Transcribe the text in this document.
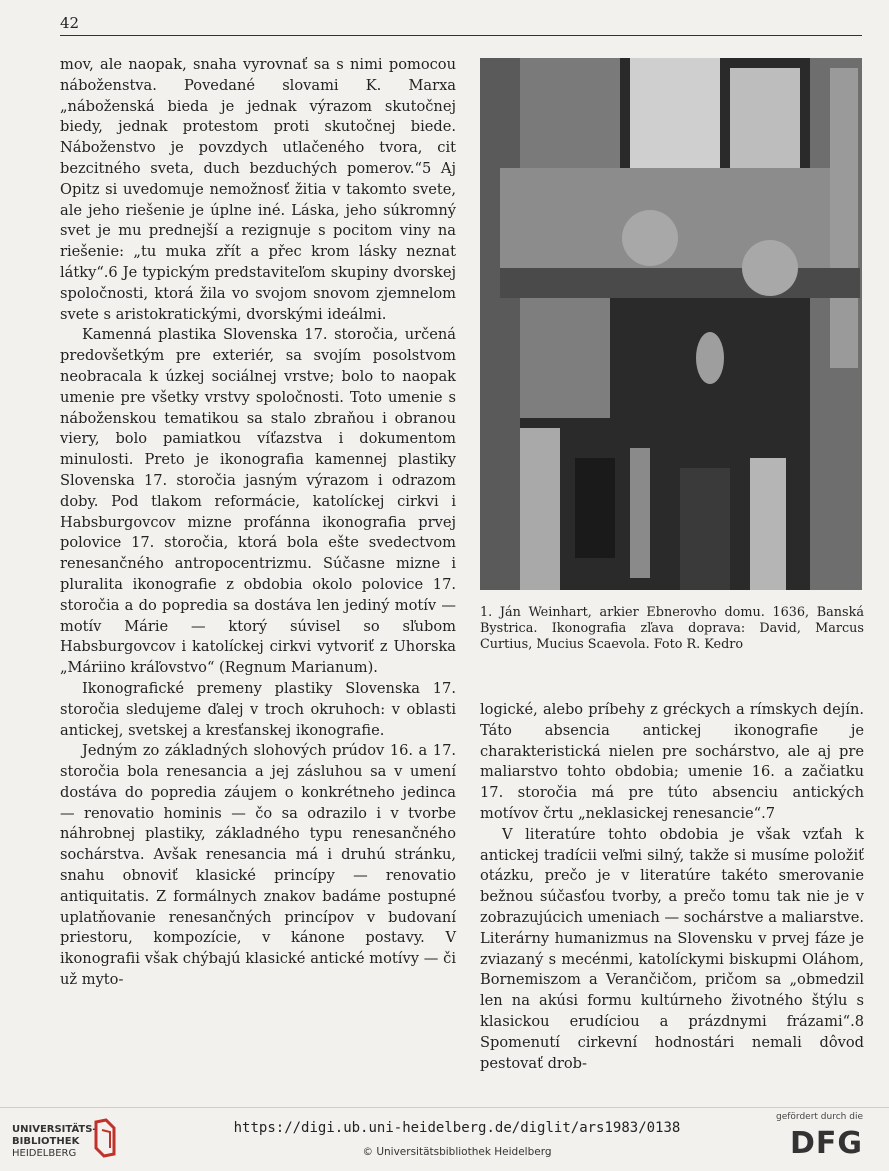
42

mov, ale naopak, snaha vyrovnať sa s nimi pomocou náboženstva. Povedané slovami K. Marxa „náboženská bieda je jednak výrazom skutočnej biedy, jednak protestom proti skutočnej biede. Náboženstvo je povzdych utlačeného tvora, cit bezcitného sveta, duch bezduchých pomerov.“5 Aj Opitz si uvedomuje nemožnosť žitia v takomto svete, ale jeho riešenie je úplne iné. Láska, jeho súkromný svet je mu prednejší a rezignuje s pocitom viny na riešenie: „tu muka zřít a přec krom lásky neznat látky“.6 Je typickým predstaviteľom skupiny dvorskej spoločnosti, ktorá žila vo svojom snovom zjemnelom svete s aristokratickými, dvorskými ideálmi.

Kamenná plastika Slovenska 17. storočia, určená predovšetkým pre exteriér, sa svojím posolstvom neobracala k úzkej sociálnej vrstve; bolo to naopak umenie pre všetky vrstvy spoločnosti. Toto umenie s náboženskou tematikou sa stalo zbraňou i obranou viery, bolo pamiatkou víťazstva i dokumentom minulosti. Preto je ikonografia kamennej plastiky Slovenska 17. storočia jasným výrazom i odrazom doby. Pod tlakom reformácie, katolíckej cirkvi i Habsburgovcov mizne profánna ikonografia prvej polovice 17. storočia, ktorá bola ešte svedectvom renesančného antropocentrizmu. Súčasne mizne i pluralita ikonografie z obdobia okolo polovice 17. storočia a do popredia sa dostáva len jediný motív — motív Márie — ktorý súvisel so sľubom Habsburgovcov i katolíckej cirkvi vytvoriť z Uhorska „Máriino kráľovstvo“ (Regnum Marianum).

Ikonografické premeny plastiky Slovenska 17. storočia sledujeme ďalej v troch okruhoch: v oblasti antickej, svetskej a kresťanskej ikonografie.

Jedným zo základných slohových prúdov 16. a 17. storočia bola renesancia a jej zásluhou sa v umení dostáva do popredia záujem o konkrétneho jedinca — renovatio hominis — čo sa odrazilo i v tvorbe náhrobnej plastiky, základného typu renesančného sochárstva. Avšak renesancia má i druhú stránku, snahu obnoviť klasické princípy — renovatio antiquitatis. Z formálnych znakov badáme postupné uplatňovanie renesančných princípov v budovaní priestoru, kompozície, v kánone postavy. V ikonografii však chýbajú klasické antické motívy — či už myto-

1. Ján Weinhart, arkier Ebnerovho domu. 1636, Banská Bystrica. Ikonografia zľava doprava: David, Marcus Curtius, Mucius Scaevola. Foto R. Kedro

logické, alebo príbehy z gréckych a rímskych dejín. Táto absencia antickej ikonografie je charakteristická nielen pre sochárstvo, ale aj pre maliarstvo tohto obdobia; umenie 16. a začiatku 17. storočia má pre túto absenciu antických motívov črtu „neklasickej renesancie“.7

V literatúre tohto obdobia je však vzťah k antickej tradícii veľmi silný, takže si musíme položiť otázku, prečo je v literatúre takéto smerovanie bežnou súčasťou tvorby, a prečo tomu tak nie je v zobrazujúcich umeniach — sochárstve a maliarstve. Literárny humanizmus na Slovensku v prvej fáze je zviazaný s mecénmi, katolíckymi biskupmi Oláhom, Bornemiszom a Verančičom, pričom sa „obmedzil len na akúsi formu kultúrneho životného štýlu s klasickou erudíciou a prázdnymi frázami“.8 Spomenutí cirkevní hodnostári nemali dôvod pestovať drob-

UNIVERSITÄTS-
BIBLIOTHEK
HEIDELBERG
https://digi.ub.uni-heidelberg.de/diglit/ars1983/0138
© Universitätsbibliothek Heidelberg
gefördert durch die
DFG
